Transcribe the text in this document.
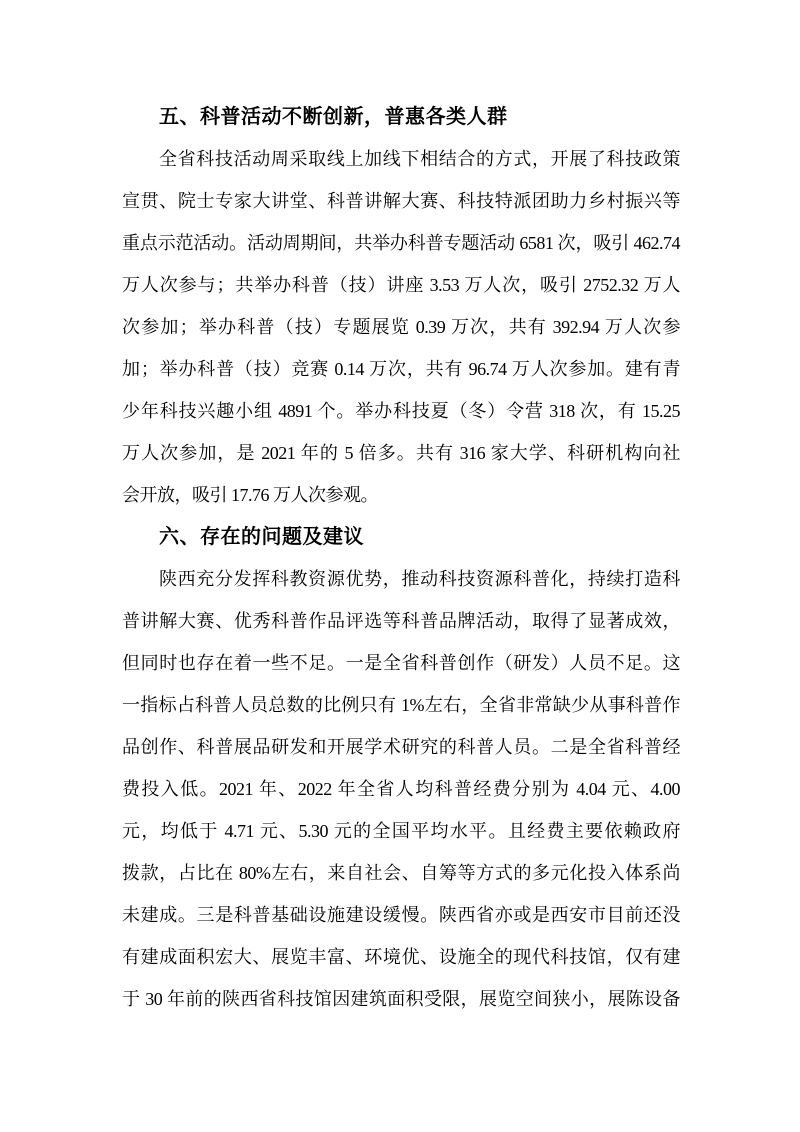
五、科普活动不断创新，普惠各类人群
全省科技活动周采取线上加线下相结合的方式，开展了科技政策
宣贯、院士专家大讲堂、科普讲解大赛、科技特派团助力乡村振兴等
重点示范活动。活动周期间，共举办科普专题活动 6581 次，吸引 462.74
万人次参与；共举办科普（技）讲座 3.53 万人次，吸引 2752.32 万人
次参加；举办科普（技）专题展览 0.39 万次，共有 392.94 万人次参
加；举办科普（技）竞赛 0.14 万次，共有 96.74 万人次参加。建有青
少年科技兴趣小组 4891 个。举办科技夏（冬）令营 318 次，有 15.25
万人次参加，是 2021 年的 5 倍多。共有 316 家大学、科研机构向社
会开放，吸引 17.76 万人次参观。
六、存在的问题及建议
陕西充分发挥科教资源优势，推动科技资源科普化，持续打造科
普讲解大赛、优秀科普作品评选等科普品牌活动，取得了显著成效，
但同时也存在着一些不足。一是全省科普创作（研发）人员不足。这
一指标占科普人员总数的比例只有 1%左右，全省非常缺少从事科普作
品创作、科普展品研发和开展学术研究的科普人员。二是全省科普经
费投入低。2021 年、2022 年全省人均科普经费分别为 4.04 元、4.00
元，均低于 4.71 元、5.30 元的全国平均水平。且经费主要依赖政府
拨款，占比在 80%左右，来自社会、自筹等方式的多元化投入体系尚
未建成。三是科普基础设施建设缓慢。陕西省亦或是西安市目前还没
有建成面积宏大、展览丰富、环境优、设施全的现代科技馆，仅有建
于 30 年前的陕西省科技馆因建筑面积受限，展览空间狭小，展陈设备
